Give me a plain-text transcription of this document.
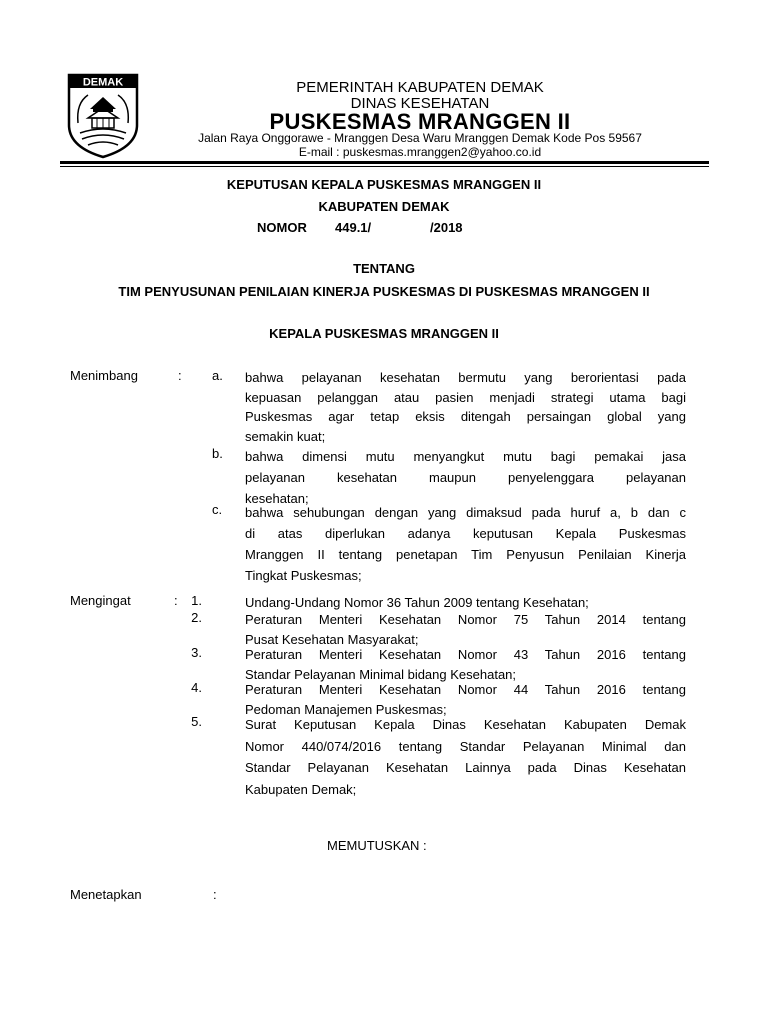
DEMAK	PEMERINTAH KABUPATEN DEMAK
DINAS KESEHATAN
PUSKESMAS MRANGGEN II
Jalan Raya Onggorawe - Mranggen Desa Waru Mranggen Demak Kode Pos 59567
E-mail : puskesmas.mranggen2@yahoo.co.id
KEPUTUSAN KEPALA PUSKESMAS MRANGGEN II
KABUPATEN DEMAK
NOMOR 449.1/	/2018
TENTANG
TIM PENYUSUNAN PENILAIAN KINERJA PUSKESMAS DI PUSKESMAS MRANGGEN II
KEPALA PUSKESMAS MRANGGEN II
Menimbang	: a. bahwa pelayanan kesehatan bermutu yang berorientasi pada
kepuasan pelanggan atau pasien menjadi strategi utama bagi
Puskesmas agar tetap eksis ditengah persaingan global yang
semakin kuat;
b. bahwa dimensi mutu menyangkut mutu bagi pemakai jasa
pelayanan kesehatan maupun penyelenggara pelayanan
kesehatan;
c. bahwa sehubungan dengan yang dimaksud pada huruf a, b dan c
di atas diperlukan adanya keputusan Kepala Puskesmas
Mranggen II tentang penetapan Tim Penyusun Penilaian Kinerja
Tingkat Puskesmas;
Mengingat	:	1.	Undang-Undang Nomor 36 Tahun 2009 tentang Kesehatan;
2.	Peraturan Menteri Kesehatan Nomor 75 Tahun 2014 tentang
Pusat Kesehatan Masyarakat;
3.	Peraturan Menteri Kesehatan Nomor 43 Tahun 2016 tentang
Standar Pelayanan Minimal bidang Kesehatan;
4.	Peraturan Menteri Kesehatan Nomor 44 Tahun 2016 tentang
Pedoman Manajemen Puskesmas;
5.	Surat Keputusan Kepala Dinas Kesehatan Kabupaten Demak
Nomor 440/074/2016 tentang Standar Pelayanan Minimal dan
Standar Pelayanan Kesehatan Lainnya pada Dinas Kesehatan
Kabupaten Demak;
MEMUTUSKAN :
Menetapkan	:
